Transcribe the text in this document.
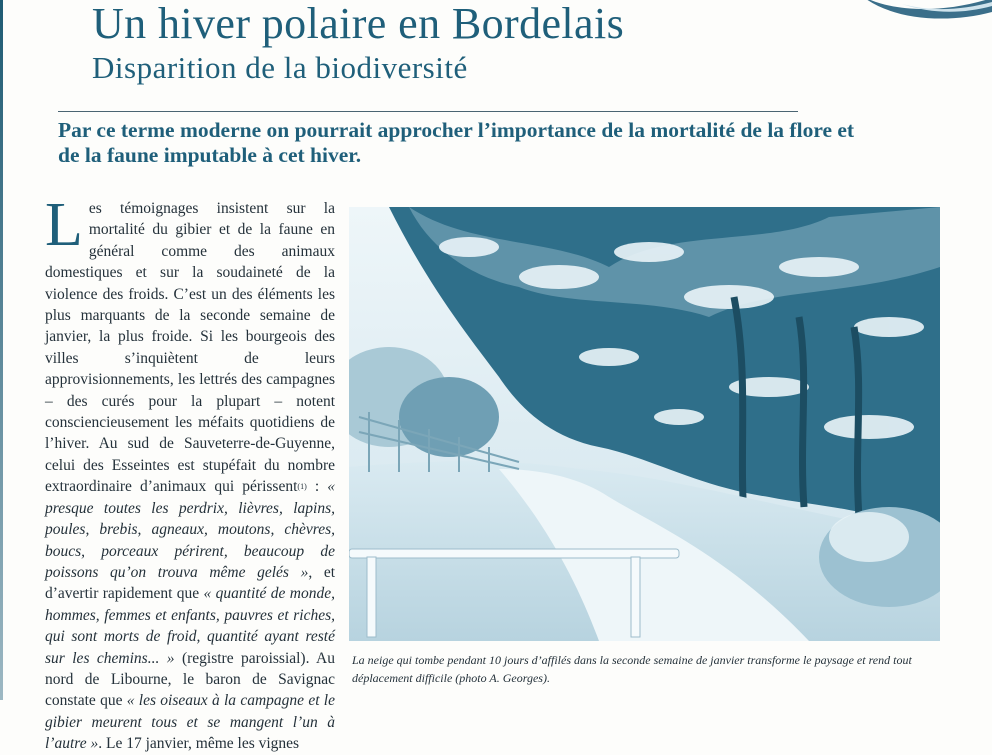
Un hiver polaire en Bordelais
Disparition de la biodiversité

Par ce terme moderne on pourrait approcher l’importance de la mortalité de la flore et de la faune imputable à cet hiver.

Les témoignages insistent sur la mortalité du gibier et de la faune en général comme des animaux domestiques et sur la soudaineté de la violence des froids. C’est un des éléments les plus marquants de la seconde semaine de janvier, la plus froide. Si les bourgeois des villes s’inquiètent de leurs approvisionnements, les lettrés des campagnes – des curés pour la plupart – notent consciencieusement les méfaits quotidiens de l’hiver. Au sud de Sauveterre-de-Guyenne, celui des Esseintes est stupéfait du nombre extraordinaire d’animaux qui périssent$^{(1)}$ : « presque toutes les perdrix, lièvres, lapins, poules, brebis, agneaux, moutons, chèvres, boucs, porceaux périrent, beaucoup de poissons qu’on trouva même gelés », et d’avertir rapidement que « quantité de monde, hommes, femmes et enfants, pauvres et riches, qui sont morts de froid, quantité ayant resté sur les chemins... » (registre paroissial). Au nord de Libourne, le baron de Savignac constate que « les oiseaux à la campagne et le gibier meurent tous et se mangent l’un à l’autre ». Le 17 janvier, même les vignes

La neige qui tombe pendant 10 jours d’affilés dans la seconde semaine de janvier transforme le paysage et rend tout déplacement difficile (photo A. Georges).
